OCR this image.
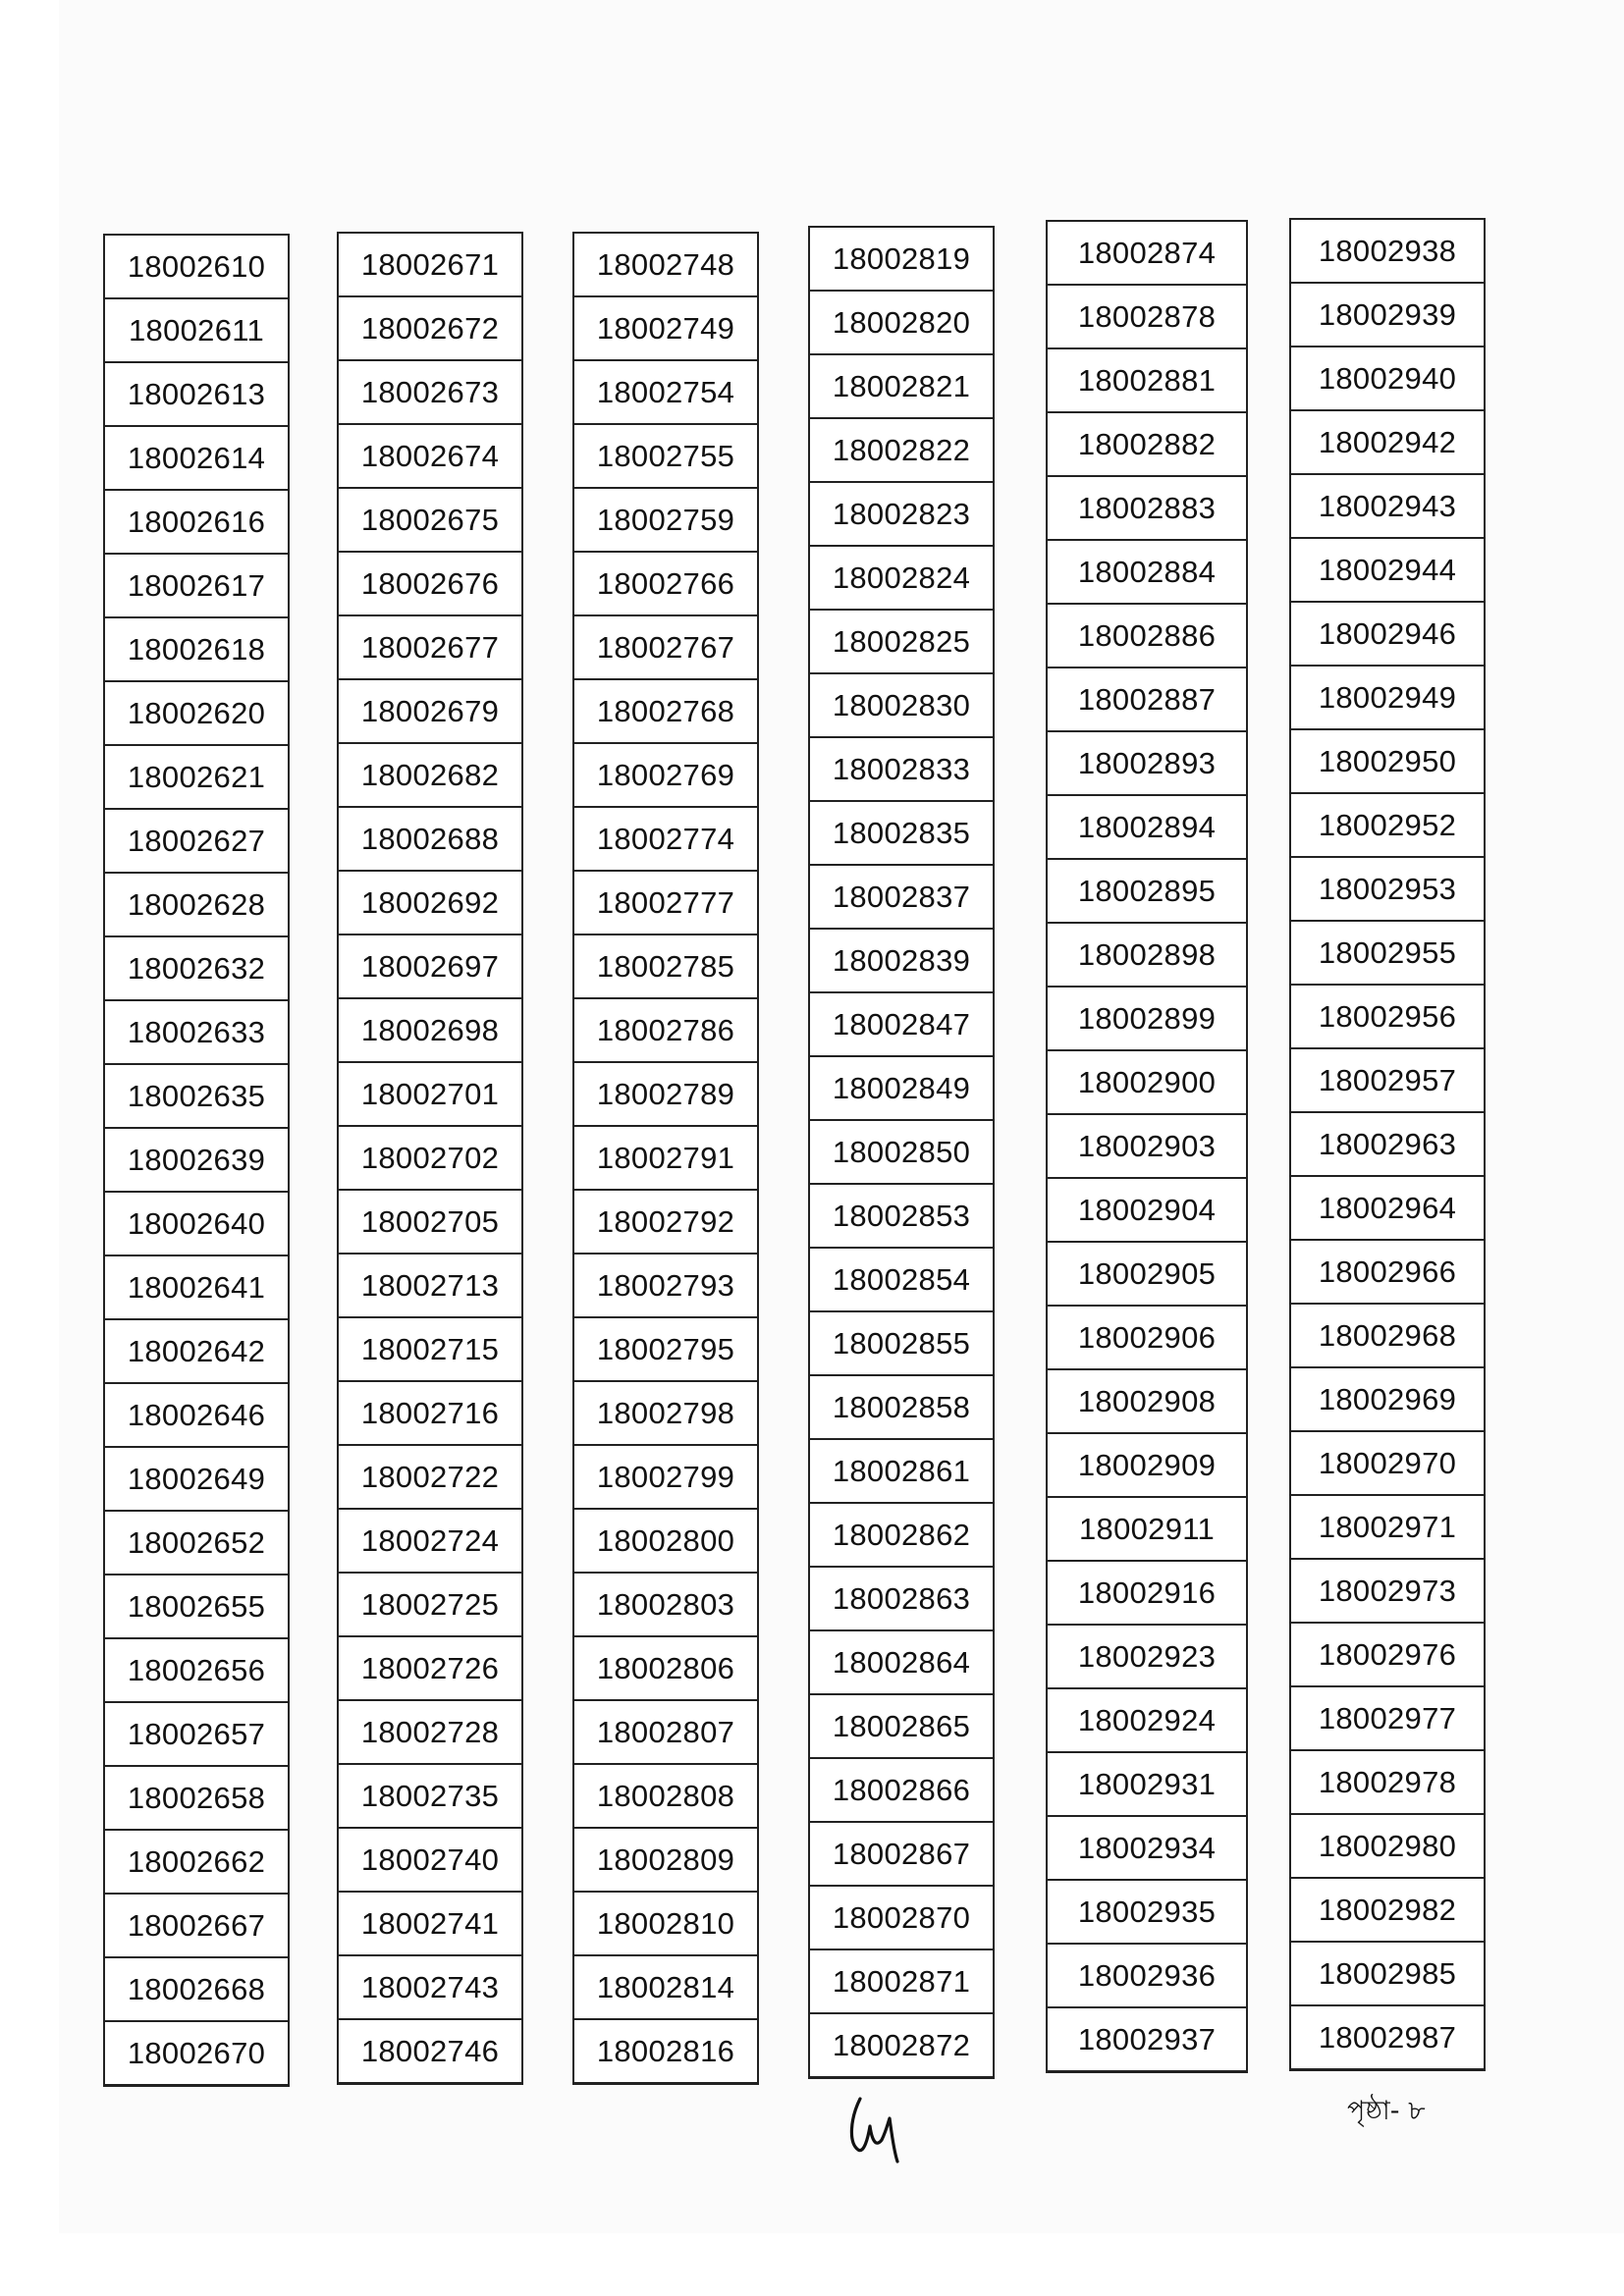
18002610
18002611
18002613
18002614
18002616
18002617
18002618
18002620
18002621
18002627
18002628
18002632
18002633
18002635
18002639
18002640
18002641
18002642
18002646
18002649
18002652
18002655
18002656
18002657
18002658
18002662
18002667
18002668
18002670
18002671
18002672
18002673
18002674
18002675
18002676
18002677
18002679
18002682
18002688
18002692
18002697
18002698
18002701
18002702
18002705
18002713
18002715
18002716
18002722
18002724
18002725
18002726
18002728
18002735
18002740
18002741
18002743
18002746
18002748
18002749
18002754
18002755
18002759
18002766
18002767
18002768
18002769
18002774
18002777
18002785
18002786
18002789
18002791
18002792
18002793
18002795
18002798
18002799
18002800
18002803
18002806
18002807
18002808
18002809
18002810
18002814
18002816
18002819
18002820
18002821
18002822
18002823
18002824
18002825
18002830
18002833
18002835
18002837
18002839
18002847
18002849
18002850
18002853
18002854
18002855
18002858
18002861
18002862
18002863
18002864
18002865
18002866
18002867
18002870
18002871
18002872
18002874
18002878
18002881
18002882
18002883
18002884
18002886
18002887
18002893
18002894
18002895
18002898
18002899
18002900
18002903
18002904
18002905
18002906
18002908
18002909
18002911
18002916
18002923
18002924
18002931
18002934
18002935
18002936
18002937
18002938
18002939
18002940
18002942
18002943
18002944
18002946
18002949
18002950
18002952
18002953
18002955
18002956
18002957
18002963
18002964
18002966
18002968
18002969
18002970
18002971
18002973
18002976
18002977
18002978
18002980
18002982
18002985
18002987
পৃষ্ঠা- ৮
